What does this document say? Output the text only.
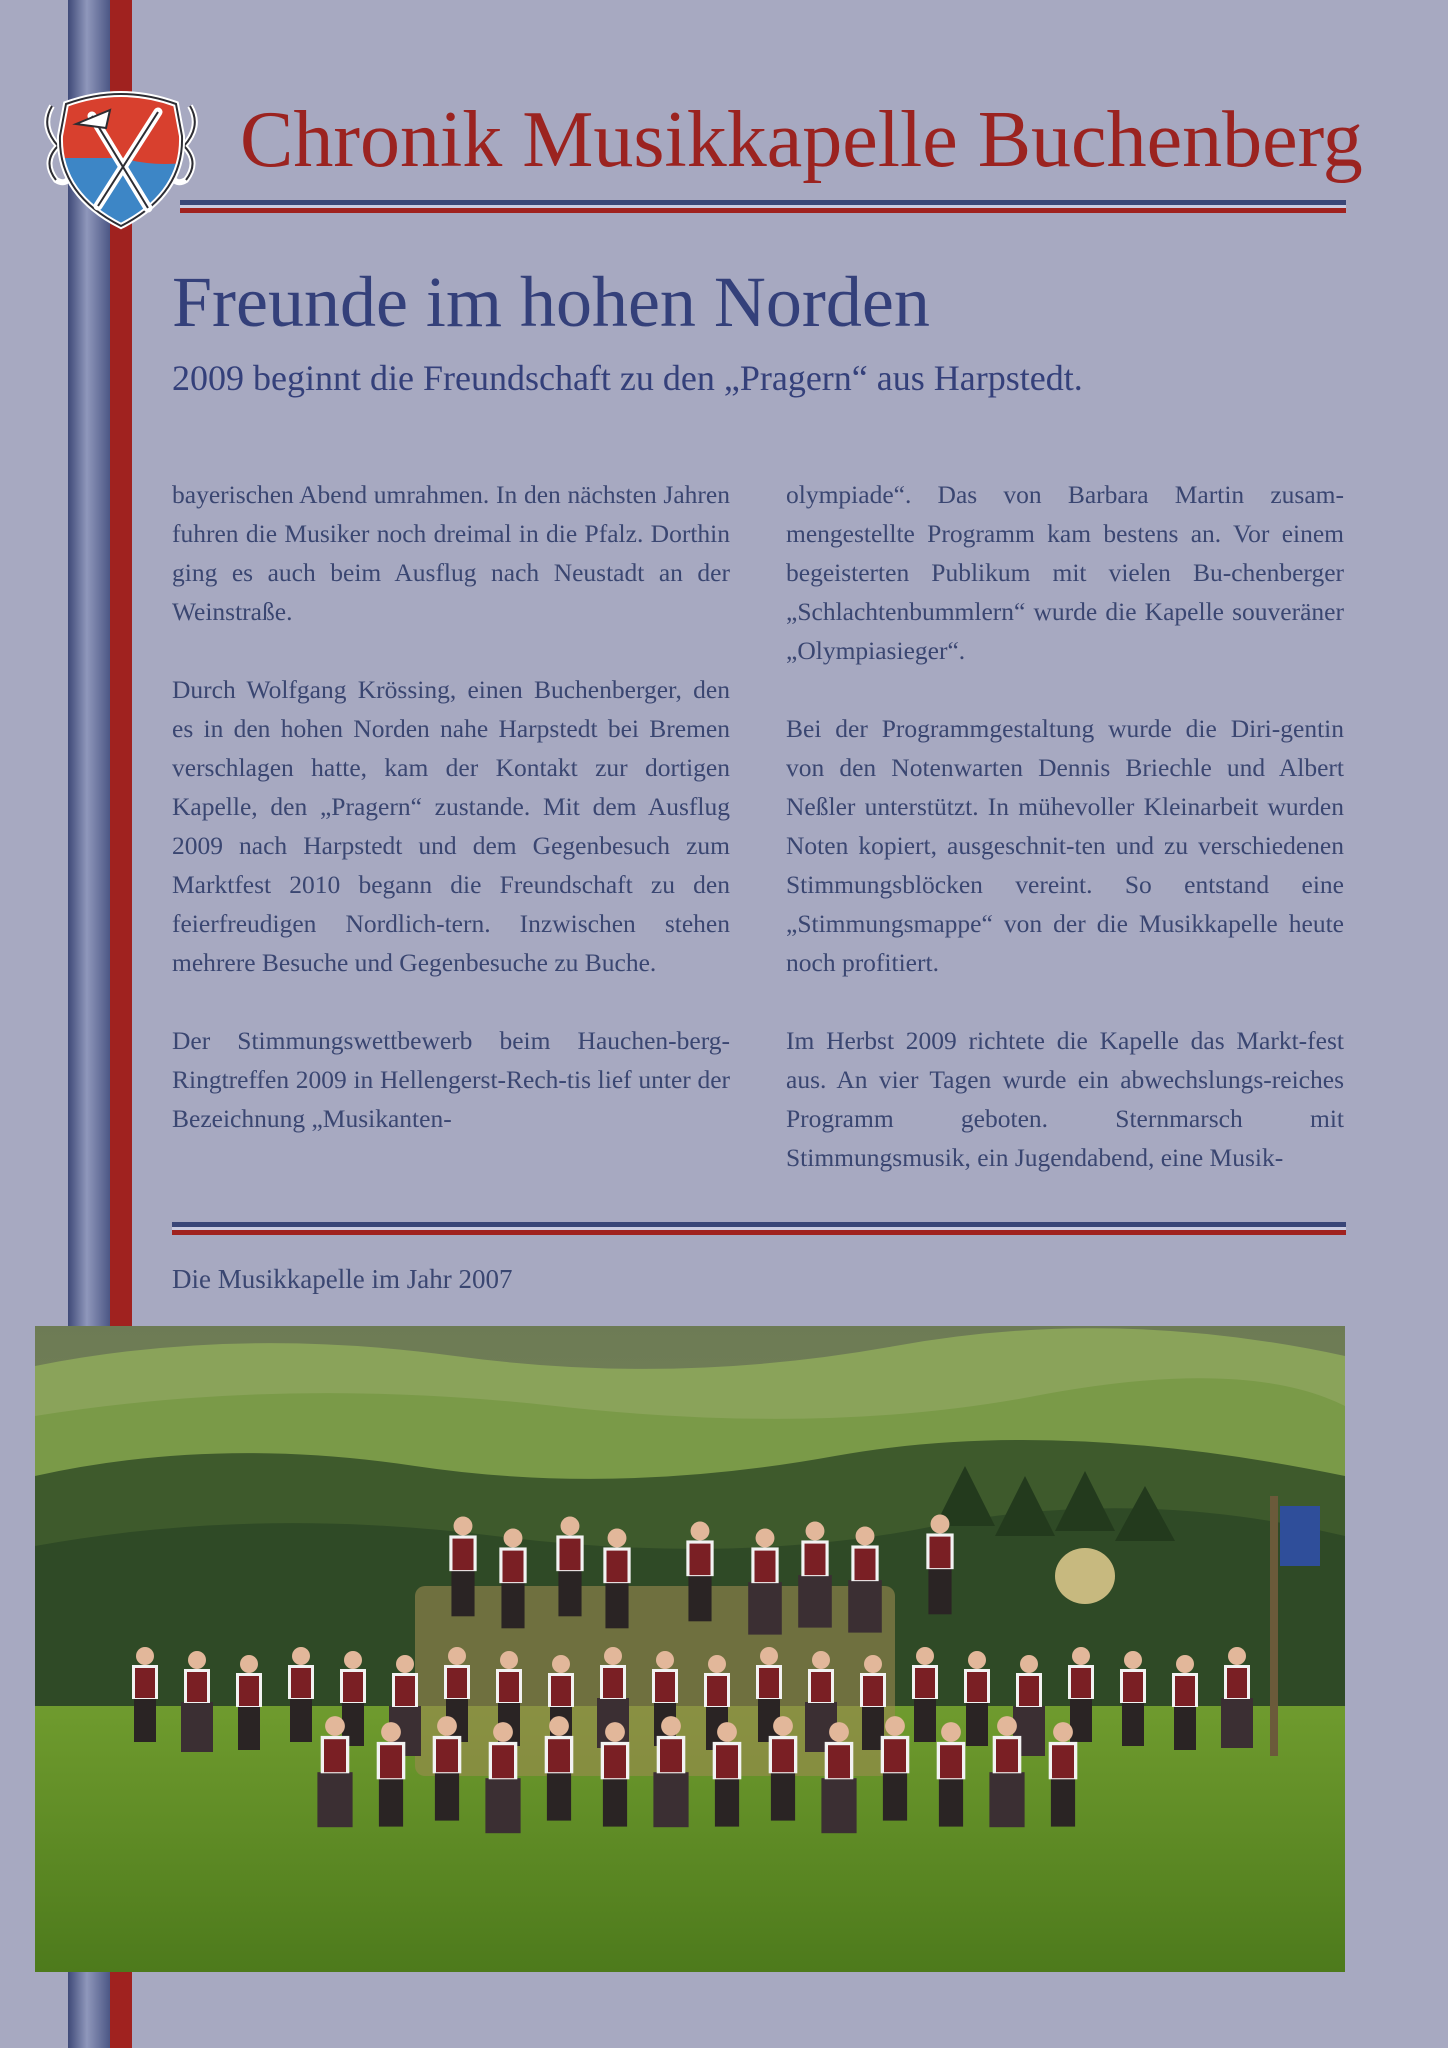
Chronik Musikkapelle Buchenberg
Freunde im hohen Norden
2009 beginnt die Freundschaft zu den „Pragern“ aus Harpstedt.

bayerischen Abend umrahmen. In den nächsten Jahren fuhren die Musiker noch dreimal in die Pfalz. Dorthin ging es auch beim Ausflug nach Neustadt an der Weinstraße.

Durch Wolfgang Krössing, einen Buchenberger, den es in den hohen Norden nahe Harpstedt bei Bremen verschlagen hatte, kam der Kontakt zur dortigen Kapelle, den „Pragern“ zustande. Mit dem Ausflug 2009 nach Harpstedt und dem Gegenbesuch zum Marktfest 2010 begann die Freundschaft zu den feierfreudigen Nordlich-tern. Inzwischen stehen mehrere Besuche und Gegenbesuche zu Buche.

Der Stimmungswettbewerb beim Hauchen-berg-Ringtreffen 2009 in Hellengerst-Rech-tis lief unter der Bezeichnung „Musikanten-

olympiade“. Das von Barbara Martin zusam-mengestellte Programm kam bestens an. Vor einem begeisterten Publikum mit vielen Bu-chenberger „Schlachtenbummlern“ wurde die Kapelle souveräner „Olympiasieger“.

Bei der Programmgestaltung wurde die Diri-gentin von den Notenwarten Dennis Briechle und Albert Neßler unterstützt. In mühevoller Kleinarbeit wurden Noten kopiert, ausgeschnit-ten und zu verschiedenen Stimmungsblöcken vereint. So entstand eine „Stimmungsmappe“ von der die Musikkapelle heute noch profitiert.

Im Herbst 2009 richtete die Kapelle das Markt-fest aus. An vier Tagen wurde ein abwechslungs-reiches Programm geboten. Sternmarsch mit Stimmungsmusik, ein Jugendabend, eine Musik-

Die Musikkapelle im Jahr 2007
